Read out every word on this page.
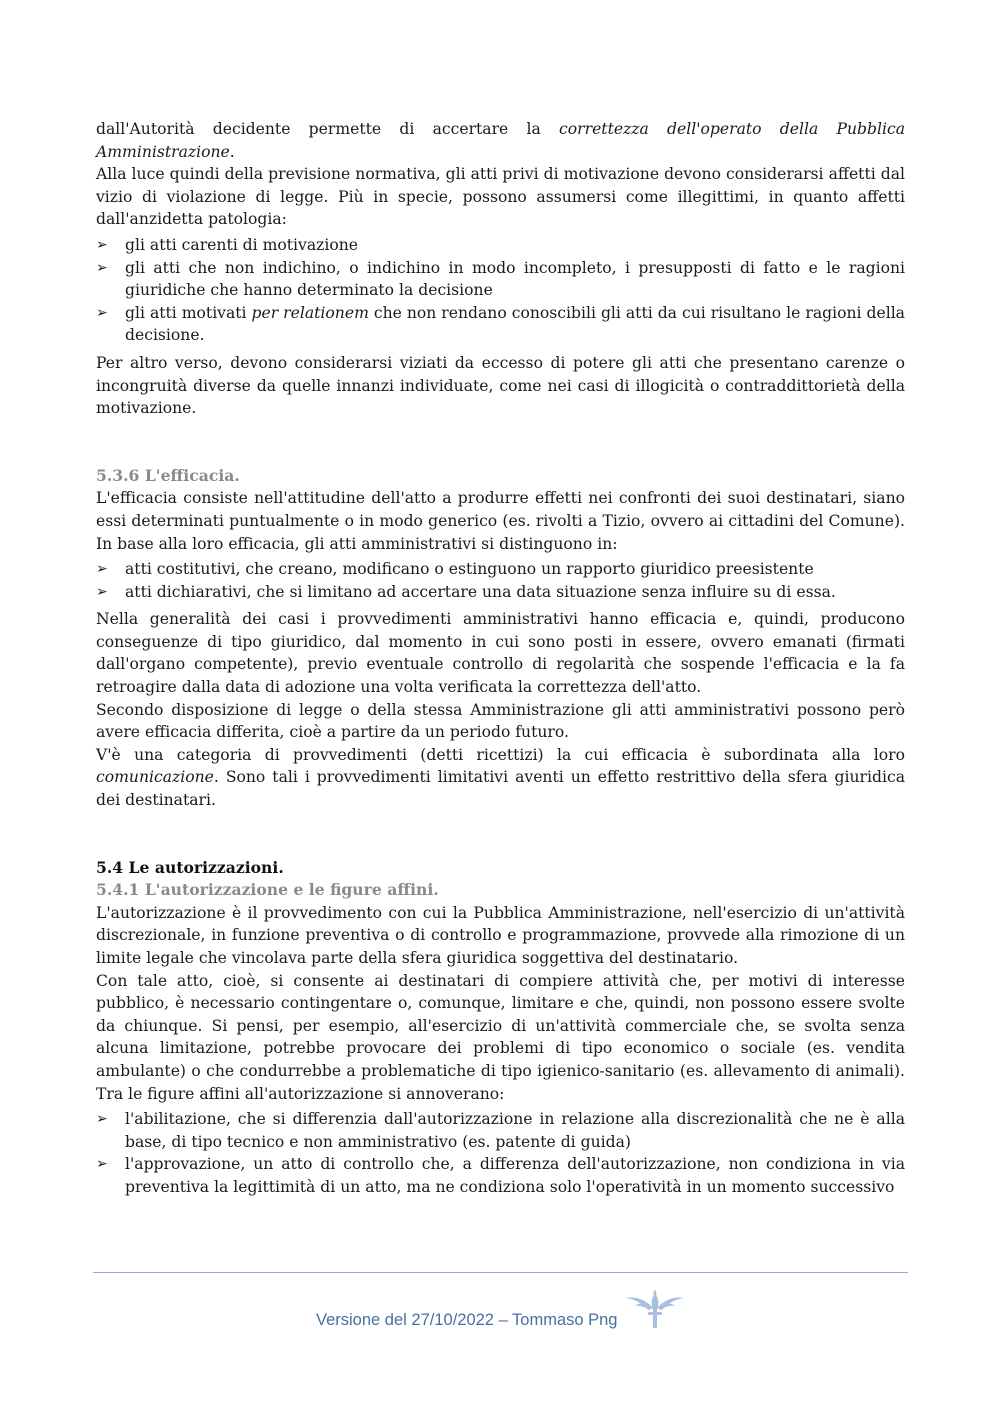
dall'Autorità decidente permette di accertare la correttezza dell'operato della Pubblica Amministrazione.

Alla luce quindi della previsione normativa, gli atti privi di motivazione devono considerarsi affetti dal vizio di violazione di legge. Più in specie, possono assumersi come illegittimi, in quanto affetti dall'anzidetta patologia:

➢ gli atti carenti di motivazione
➢ gli atti che non indichino, o indichino in modo incompleto, i presupposti di fatto e le ragioni giuridiche che hanno determinato la decisione
➢ gli atti motivati per relationem che non rendano conoscibili gli atti da cui risultano le ragioni della decisione.

Per altro verso, devono considerarsi viziati da eccesso di potere gli atti che presentano carenze o incongruità diverse da quelle innanzi individuate, come nei casi di illogicità o contraddittorietà della motivazione.

5.3.6 L'efficacia.

L'efficacia consiste nell'attitudine dell'atto a produrre effetti nei confronti dei suoi destinatari, siano essi determinati puntualmente o in modo generico (es. rivolti a Tizio, ovvero ai cittadini del Comune). In base alla loro efficacia, gli atti amministrativi si distinguono in:

➢ atti costitutivi, che creano, modificano o estinguono un rapporto giuridico preesistente
➢ atti dichiarativi, che si limitano ad accertare una data situazione senza influire su di essa.

Nella generalità dei casi i provvedimenti amministrativi hanno efficacia e, quindi, producono conseguenze di tipo giuridico, dal momento in cui sono posti in essere, ovvero emanati (firmati dall'organo competente), previo eventuale controllo di regolarità che sospende l'efficacia e la fa retroagire dalla data di adozione una volta verificata la correttezza dell'atto.

Secondo disposizione di legge o della stessa Amministrazione gli atti amministrativi possono però avere efficacia differita, cioè a partire da un periodo futuro.

V'è una categoria di provvedimenti (detti ricettizi) la cui efficacia è subordinata alla loro comunicazione. Sono tali i provvedimenti limitativi aventi un effetto restrittivo della sfera giuridica dei destinatari.

5.4 Le autorizzazioni.
5.4.1 L'autorizzazione e le figure affini.

L'autorizzazione è il provvedimento con cui la Pubblica Amministrazione, nell'esercizio di un'attività discrezionale, in funzione preventiva o di controllo e programmazione, provvede alla rimozione di un limite legale che vincolava parte della sfera giuridica soggettiva del destinatario.

Con tale atto, cioè, si consente ai destinatari di compiere attività che, per motivi di interesse pubblico, è necessario contingentare o, comunque, limitare e che, quindi, non possono essere svolte da chiunque. Si pensi, per esempio, all'esercizio di un'attività commerciale che, se svolta senza alcuna limitazione, potrebbe provocare dei problemi di tipo economico o sociale (es. vendita ambulante) o che condurrebbe a problematiche di tipo igienico-sanitario (es. allevamento di animali). Tra le figure affini all'autorizzazione si annoverano:

➢ l'abilitazione, che si differenzia dall'autorizzazione in relazione alla discrezionalità che ne è alla base, di tipo tecnico e non amministrativo (es. patente di guida)
➢ l'approvazione, un atto di controllo che, a differenza dell'autorizzazione, non condiziona in via preventiva la legittimità di un atto, ma ne condiziona solo l'operatività in un momento successivo
Versione del 27/10/2022 – Tommaso Png
